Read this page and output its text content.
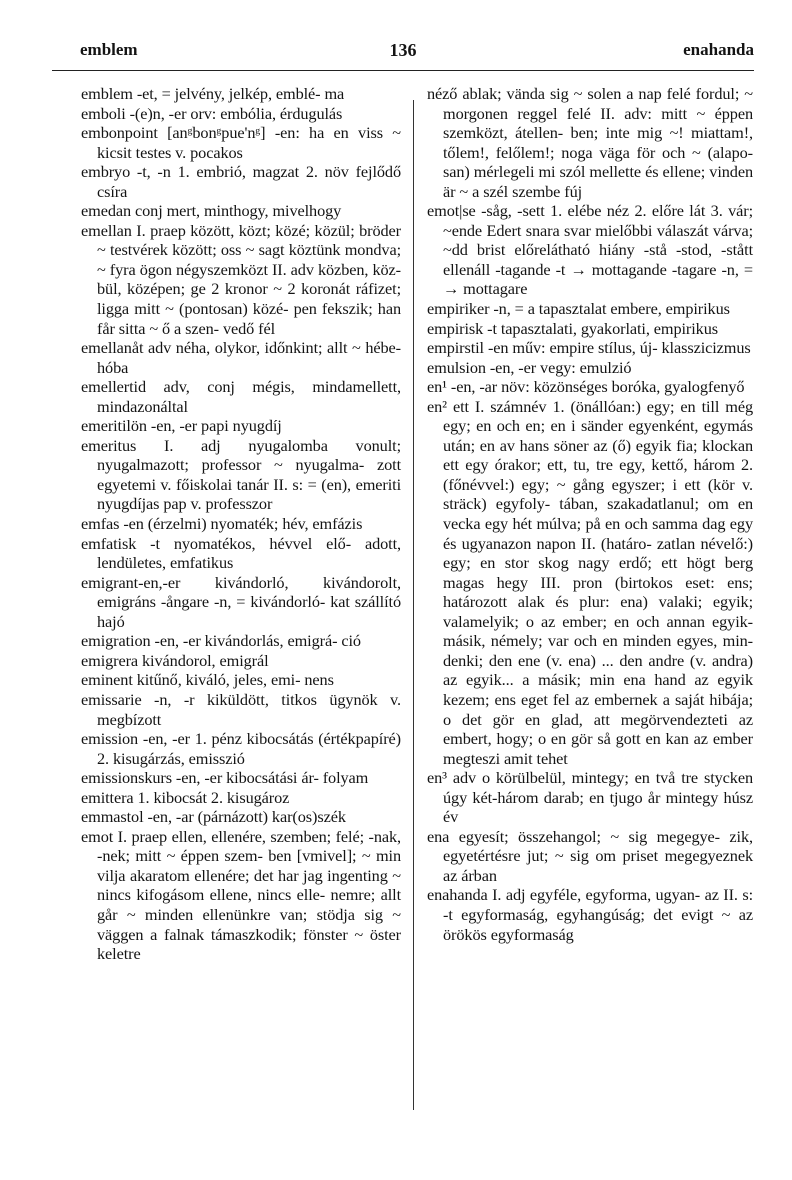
emblem	136	enahanda

emblem -et, = jelvény, jelkép, emblé- ma

emboli -(e)n, -er orv: embólia, érdugulás

embonpoint [anᵍbonᵍpue'nᵍ] -en: ha en viss ~ kicsit testes v. pocakos

embryo -t, -n 1. embrió, magzat 2. növ fejlődő csíra

emedan conj mert, minthogy, mivelhogy

emellan I. praep között, közt; közé; közül; bröder ~ testvérek között; oss ~ sagt köztünk mondva; ~ fyra ögon négyszemközt II. adv közben, köz- bül, középen; ge 2 kronor ~ 2 koronát ráfizet; ligga mitt ~ (pontosan) közé- pen fekszik; han får sitta ~ ő a szen- vedő fél

emellanåt adv néha, olykor, időnkint; allt ~ hébe-hóba

emellertid adv, conj mégis, mindamellett, mindazonáltal

emeritilön -en, -er papi nyugdíj

emeritus I. adj nyugalomba vonult; nyugalmazott; professor ~ nyugalma- zott egyetemi v. főiskolai tanár II. s: = (en), emeriti nyugdíjas pap v. professzor

emfas -en (érzelmi) nyomaték; hév, emfázis

emfatisk -t nyomatékos, hévvel elő- adott, lendületes, emfatikus

emigrant-en,-er kivándorló, kivándorolt, emigráns -ångare -n, = kivándorló- kat szállító hajó

emigration -en, -er kivándorlás, emigrá- ció

emigrera kivándorol, emigrál

eminent kitűnő, kiváló, jeles, emi- nens

emissarie -n, -r kiküldött, titkos ügynök v. megbízott

emission -en, -er 1. pénz kibocsátás (értékpapíré) 2. kisugárzás, emisszió

emissionskurs -en, -er kibocsátási ár- folyam

emittera 1. kibocsát 2. kisugároz

emmastol -en, -ar (párnázott) kar(os)szék

emot I. praep ellen, ellenére, szemben; felé; -nak, -nek; mitt ~ éppen szem- ben [vmivel]; ~ min vilja akaratom ellenére; det har jag ingenting ~ nincs kifogásom ellene, nincs elle- nemre; allt går ~ minden ellenünkre van; stödja sig ~ väggen a falnak támaszkodik; fönster ~ öster keletre

néző ablak; vända sig ~ solen a nap felé fordul; ~ morgonen reggel felé II. adv: mitt ~ éppen szemközt, átellen- ben; inte mig ~! miattam!, tőlem!, felőlem!; noga väga för och ~ (alapo- san) mérlegeli mi szól mellette és ellene; vinden är ~ a szél szembe fúj

emot|se -såg, -sett 1. elébe néz 2. előre lát 3. vár; ~ende Edert snara svar mielőbbi válaszát várva; ~dd brist előrelátható hiány -stå -stod, -stått ellenáll -tagande -t → mottagande -tagare -n, = → mottagare

empiriker -n, = a tapasztalat embere, empirikus

empirisk -t tapasztalati, gyakorlati, empirikus

empirstil -en műv: empire stílus, új- klasszicizmus

emulsion -en, -er vegy: emulzió

en¹ -en, -ar növ: közönséges boróka, gyalogfenyő

en² ett I. számnév 1. (önállóan:) egy; en till még egy; en och en; en i sänder egyenként, egymás után; en av hans söner az (ő) egyik fia; klockan ett egy órakor; ett, tu, tre egy, kettő, három 2. (főnévvel:) egy; ~ gång egyszer; i ett (kör v. sträck) egyfoly- tában, szakadatlanul; om en vecka egy hét múlva; på en och samma dag egy és ugyanazon napon II. (határo- zatlan névelő:) egy; en stor skog nagy erdő; ett högt berg magas hegy III. pron (birtokos eset: ens; határozott alak és plur: ena) valaki; egyik; valamelyik; o az ember; en och annan egyik-másik, némely; var och en minden egyes, min- denki; den ene (v. ena) ... den andre (v. andra) az egyik... a másik; min ena hand az egyik kezem; ens eget fel az embernek a saját hibája; o det gör en glad, att megörvendezteti az embert, hogy; o en gör så gott en kan az ember megteszi amit tehet

en³ adv o körülbelül, mintegy; en två tre stycken úgy két-három darab; en tjugo år mintegy húsz év

ena egyesít; összehangol; ~ sig megegye- zik, egyetértésre jut; ~ sig om priset megegyeznek az árban

enahanda I. adj egyféle, egyforma, ugyan- az II. s: -t egyformaság, egyhangúság; det evigt ~ az örökös egyformaság
